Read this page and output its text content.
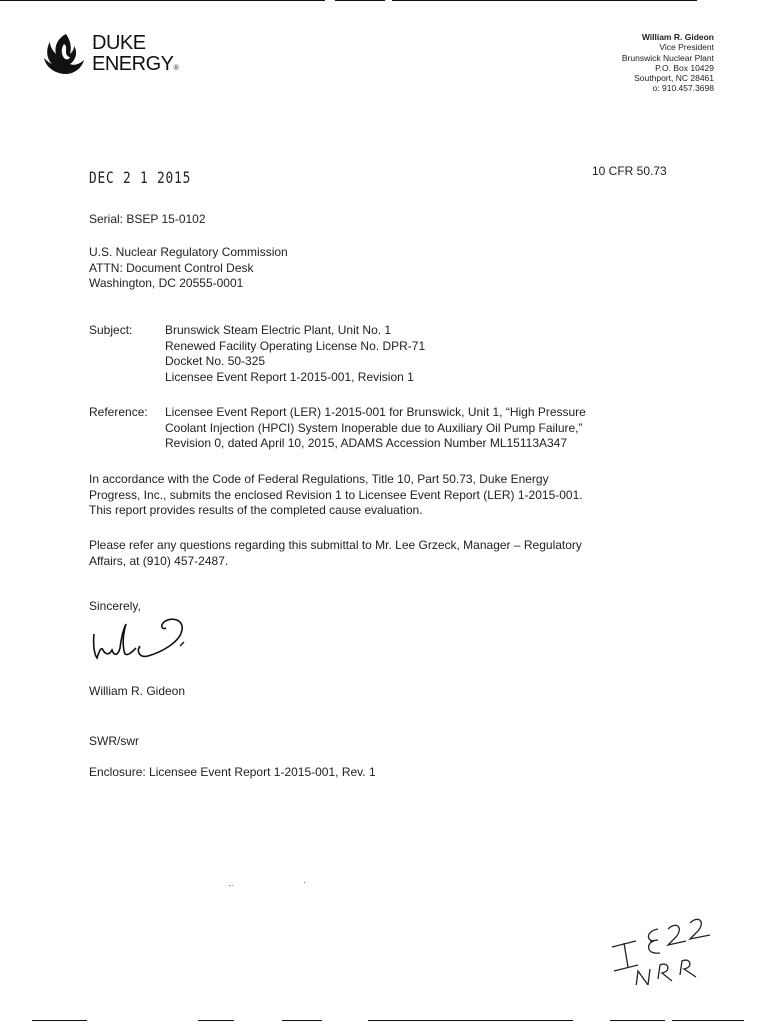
DUKE
ENERGY®
William R. Gideon
Vice President
Brunswick Nuclear Plant
P.O. Box 10429
Southport, NC 28461
o: 910.457.3698
DEC 2 1 2015	10 CFR 50.73
Serial: BSEP 15-0102
U.S. Nuclear Regulatory Commission
ATTN: Document Control Desk
Washington, DC 20555-0001
Subject:	Brunswick Steam Electric Plant, Unit No. 1
Renewed Facility Operating License No. DPR-71
Docket No. 50-325
Licensee Event Report 1-2015-001, Revision 1
Reference: Licensee Event Report (LER) 1-2015-001 for Brunswick, Unit 1, “High Pressure
Coolant Injection (HPCI) System Inoperable due to Auxiliary Oil Pump Failure,”
Revision 0, dated April 10, 2015, ADAMS Accession Number ML15113A347
In accordance with the Code of Federal Regulations, Title 10, Part 50.73, Duke Energy
Progress, Inc., submits the enclosed Revision 1 to Licensee Event Report (LER) 1-2015-001.
This report provides results of the completed cause evaluation.
Please refer any questions regarding this submittal to Mr. Lee Grzeck, Manager – Regulatory
Affairs, at (910) 457-2487.
Sincerely,
William R. Gideon
SWR/swr
Enclosure: Licensee Event Report 1-2015-001, Rev. 1
..	.
